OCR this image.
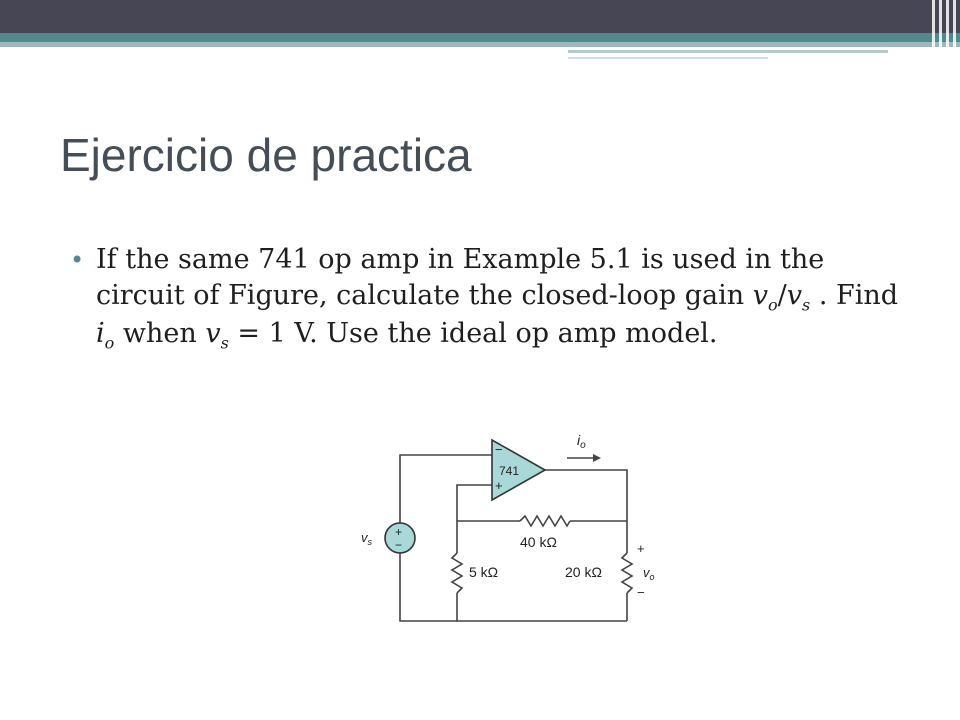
Ejercicio de practica
• If the same 741 op amp in Example 5.1 is used in the circuit of Figure, calculate the closed-loop gain $v_o/v_s$ . Find $i_o$ when $v_s = 1$ V. Use the ideal op amp model.
741
−
+
+
−
$v_s$
$i_o$
40 kΩ
5 kΩ	20 kΩ
+
−
$v_o$
